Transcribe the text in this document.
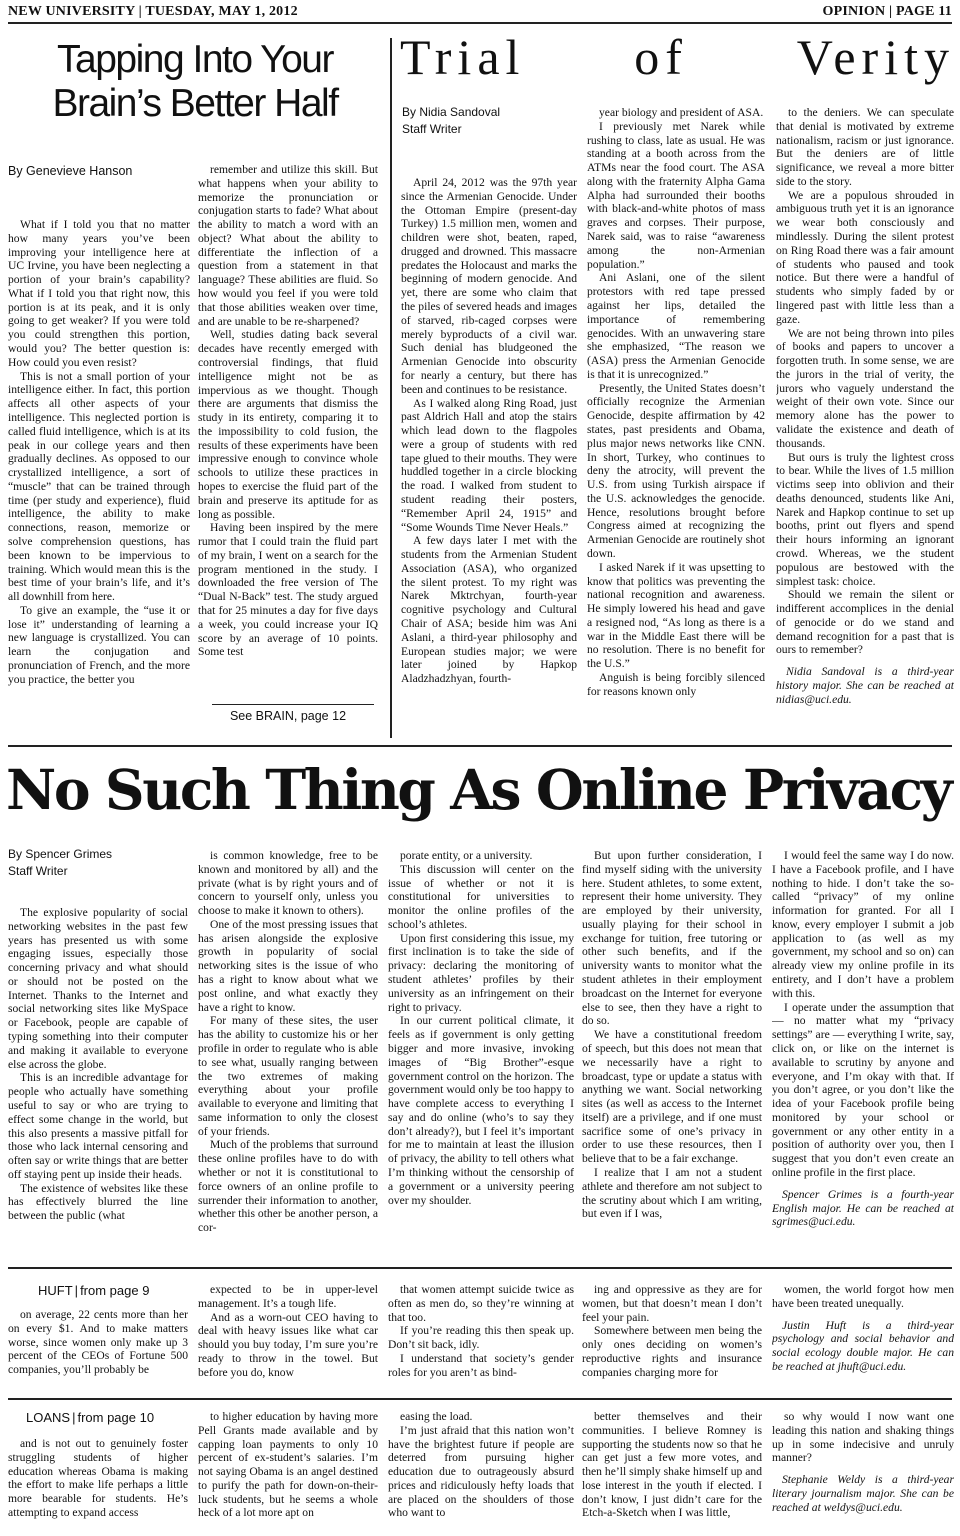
NEW UNIVERSITY | TUESDAY, MAY 1, 2012	OPINION | PAGE 11
Tapping Into Your
Brain’s Better Half
By Genevieve Hanson

What if I told you that no matter how many years you’ve been improving your intelligence here at UC Irvine, you have been neglecting a portion of your brain’s capability? What if I told you that right now, this portion is at its peak, and it is only going to get weaker? If you were told you could strengthen this portion, would you? The better question is: How could you even resist?

This is not a small portion of your intelligence either. In fact, this portion affects all other aspects of your intelligence. This neglected portion is called fluid intelligence, which is at its peak in our college years and then gradually declines. As opposed to our crystallized intelligence, a sort of “muscle” that can be trained through time (per study and experience), fluid intelligence, the ability to make connections, reason, memorize or solve comprehension questions, has been known to be impervious to training. Which would mean this is the best time of your brain’s life, and it’s all downhill from here.

To give an example, the “use it or lose it” understanding of learning a new language is crystallized. You can learn the conjugation and pronunciation of French, and the more you practice, the better you

remember and utilize this skill. But what happens when your ability to memorize the pronunciation or conjugation starts to fade? What about the ability to match a word with an object? What about the ability to differentiate the inflection of a question from a statement in that language? These abilities are fluid. So how would you feel if you were told that those abilities weaken over time, and are unable to be re-sharpened?

Well, studies dating back several decades have recently emerged with controversial findings, that fluid intelligence might not be as impervious as we thought. Though there are arguments that dismiss the study in its entirety, comparing it to the impossibility to cold fusion, the results of these experiments have been impressive enough to convince whole schools to utilize these practices in hopes to exercise the fluid part of the brain and preserve its aptitude for as long as possible.

Having been inspired by the mere rumor that I could train the fluid part of my brain, I went on a search for the program mentioned in the study. I downloaded the free version of The “Dual N-Back” test. The study argued that for 25 minutes a day for five days a week, you could increase your IQ score by an average of 10 points. Some test

See BRAIN, page 12
Trial of Verity
By Nidia Sandoval
Staff Writer

April 24, 2012 was the 97th year since the Armenian Genocide. Under the Ottoman Empire (present-day Turkey) 1.5 million men, women and children were shot, beaten, raped, drugged and drowned. This massacre predates the Holocaust and marks the beginning of modern genocide. And yet, there are some who claim that the piles of severed heads and images of starved, rib-caged corpses were merely byproducts of a civil war. Such denial has bludgeoned the Armenian Genocide into obscurity for nearly a century, but there has been and continues to be resistance.

As I walked along Ring Road, just past Aldrich Hall and atop the stairs which lead down to the flagpoles were a group of students with red tape glued to their mouths. They were huddled together in a circle blocking the road. I walked from student to student reading their posters, “Remember April 24, 1915” and “Some Wounds Time Never Heals.”

A few days later I met with the students from the Armenian Student Association (ASA), who organized the silent protest. To my right was Narek Mktrchyan, fourth-year cognitive psychology and Cultural Chair of ASA; beside him was Ani Aslani, a third-year philosophy and European studies major; we were later joined by Hapkop Aladzhadzhyan, fourth-

year biology and president of ASA.

I previously met Narek while rushing to class, late as usual. He was standing at a booth across from the ATMs near the food court. The ASA along with the fraternity Alpha Gama Alpha had surrounded their booths with black-and-white photos of mass graves and corpses. Their purpose, Narek said, was to raise “awareness among the non-Armenian population.”

Ani Aslani, one of the silent protestors with red tape pressed against her lips, detailed the importance of remembering genocides. With an unwavering stare she emphasized, “The reason we (ASA) press the Armenian Genocide is that it is unrecognized.”

Presently, the United States doesn’t officially recognize the Armenian Genocide, despite affirmation by 42 states, past presidents and Obama, plus major news networks like CNN. In short, Turkey, who continues to deny the atrocity, will prevent the U.S. from using Turkish airspace if the U.S. acknowledges the genocide. Hence, resolutions brought before Congress aimed at recognizing the Armenian Genocide are routinely shot down.

I asked Narek if it was upsetting to know that politics was preventing the national recognition and awareness. He simply lowered his head and gave a resigned nod, “As long as there is a war in the Middle East there will be no resolution. There is no benefit for the U.S.”

Anguish is being forcibly silenced for reasons known only

to the deniers. We can speculate that denial is motivated by extreme nationalism, racism or just ignorance. But the deniers are of little significance, we reveal a more bitter side to the story.

We are a populous shrouded in ambiguous truth yet it is an ignorance we wear both consciously and mindlessly. During the silent protest on Ring Road there was a fair amount of students who paused and took notice. But there were a handful of students who simply faded by or lingered past with little less than a gaze.

We are not being thrown into piles of books and papers to uncover a forgotten truth. In some sense, we are the jurors in the trial of verity, the jurors who vaguely understand the weight of their own vote. Since our memory alone has the power to validate the existence and death of thousands.

But ours is truly the lightest cross to bear. While the lives of 1.5 million victims seep into oblivion and their deaths denounced, students like Ani, Narek and Hapkop continue to set up booths, print out flyers and spend their hours informing an ignorant crowd. Whereas, we the student populous are bestowed with the simplest task: choice.

Should we remain the silent or indifferent accomplices in the denial of genocide or do we stand and demand recognition for a past that is ours to remember?

Nidia Sandoval is a third-year history major. She can be reached at nidias@uci.edu.

No Such Thing As Online Privacy
By Spencer Grimes
Staff Writer

The explosive popularity of social networking websites in the past few years has presented us with some engaging issues, especially those concerning privacy and what should or should not be posted on the Internet. Thanks to the Internet and social networking sites like MySpace or Facebook, people are capable of typing something into their computer and making it available to everyone else across the globe.

This is an incredible advantage for people who actually have something useful to say or who are trying to effect some change in the world, but this also presents a massive pitfall for those who lack internal censoring and often say or write things that are better off staying pent up inside their heads.

The existence of websites like these has effectively blurred the line between the public (what

is common knowledge, free to be known and monitored by all) and the private (what is by right yours and of concern to yourself only, unless you choose to make it known to others).

One of the most pressing issues that has arisen alongside the explosive growth in popularity of social networking sites is the issue of who has a right to know about what we post online, and what exactly they have a right to know.

For many of these sites, the user has the ability to customize his or her profile in order to regulate who is able to see what, usually ranging between the two extremes of making everything about your profile available to everyone and limiting that same information to only the closest of your friends.

Much of the problems that surround these online profiles have to do with whether or not it is constitutional to force owners of an online profile to surrender their information to another, whether this other be another person, a cor-

porate entity, or a university.

This discussion will center on the issue of whether or not it is constitutional for universities to monitor the online profiles of the school’s athletes.

Upon first considering this issue, my first inclination is to take the side of privacy: declaring the monitoring of student athletes’ profiles by their university as an infringement on their right to privacy.

In our current political climate, it feels as if government is only getting bigger and more invasive, invoking images of “Big Brother”-esque government control on the horizon. The government would only be too happy to have complete access to everything I say and do online (who’s to say they don’t already?), but I feel it’s important for me to maintain at least the illusion of privacy, the ability to tell others what I’m thinking without the censorship of a government or a university peering over my shoulder.

But upon further consideration, I find myself siding with the university here. Student athletes, to some extent, represent their home university. They are employed by their university, usually playing for their school in exchange for tuition, free tutoring or other such benefits, and if the university wants to monitor what the student athletes in their employment broadcast on the Internet for everyone else to see, then they have a right to do so.

We have a constitutional freedom of speech, but this does not mean that we necessarily have a right to broadcast, type or update a status with anything we want. Social networking sites (as well as access to the Internet itself) are a privilege, and if one must sacrifice some of one’s privacy in order to use these resources, then I believe that to be a fair exchange.

I realize that I am not a student athlete and therefore am not subject to the scrutiny about which I am writing, but even if I was,

I would feel the same way I do now. I have a Facebook profile, and I have nothing to hide. I don’t take the so-called “privacy” of my online information for granted. For all I know, every employer I submit a job application to (as well as my government, my school and so on) can already view my online profile in its entirety, and I don’t have a problem with this.

I operate under the assumption that — no matter what my “privacy settings” are — everything I write, say, click on, or like on the internet is available to scrutiny by anyone and everyone, and I’m okay with that. If you don’t agree, or you don’t like the idea of your Facebook profile being monitored by your school or government or any other entity in a position of authority over you, then I suggest that you don’t even create an online profile in the first place.

Spencer Grimes is a fourth-year English major. He can be reached at sgrimes@uci.edu.

HUFT | from page 9

on average, 22 cents more than her on every $1. And to make matters worse, since women only make up 3 percent of the CEOs of Fortune 500 companies, you’ll probably be

expected to be in upper-level management. It’s a tough life.

And as a worn-out CEO having to deal with heavy issues like what car should you buy today, I’m sure you’re ready to throw in the towel. But before you do, know

that women attempt suicide twice as often as men do, so they’re winning at that too.

If you’re reading this then speak up. Don’t sit back, idly.

I understand that society’s gender roles for you aren’t as bind-

ing and oppressive as they are for women, but that doesn’t mean I don’t feel your pain.

Somewhere between men being the only ones deciding on women’s reproductive rights and insurance companies charging more for

women, the world forgot how men have been treated unequally.

Justin Huft is a third-year psychology and social behavior and social ecology double major. He can be reached at jhuft@uci.edu.

LOANS | from page 10

and is not out to genuinely foster struggling students of higher education whereas Obama is making the effort to make life perhaps a little more bearable for students. He’s attempting to expand access

to higher education by having more Pell Grants made available and by capping loan payments to only 10 percent of ex-student’s salaries. I’m not saying Obama is an angel destined to purify the path for down-on-their-luck students, but he seems a whole heck of a lot more apt on

easing the load.

I’m just afraid that this nation won’t have the brightest future if people are deterred from pursuing higher education due to outrageously absurd prices and ridiculously hefty loads that are placed on the shoulders of those who want to

better themselves and their communities. I believe Romney is supporting the students now so that he can get just a few more votes, and then he’ll simply shake himself up and lose interest in the youth if elected. I don’t know, I just didn’t care for the Etch-a-Sketch when I was little,

so why would I now want one leading this nation and shaking things up in some indecisive and unruly manner?

Stephanie Weldy is a third-year literary journalism major. She can be reached at weldys@uci.edu.
